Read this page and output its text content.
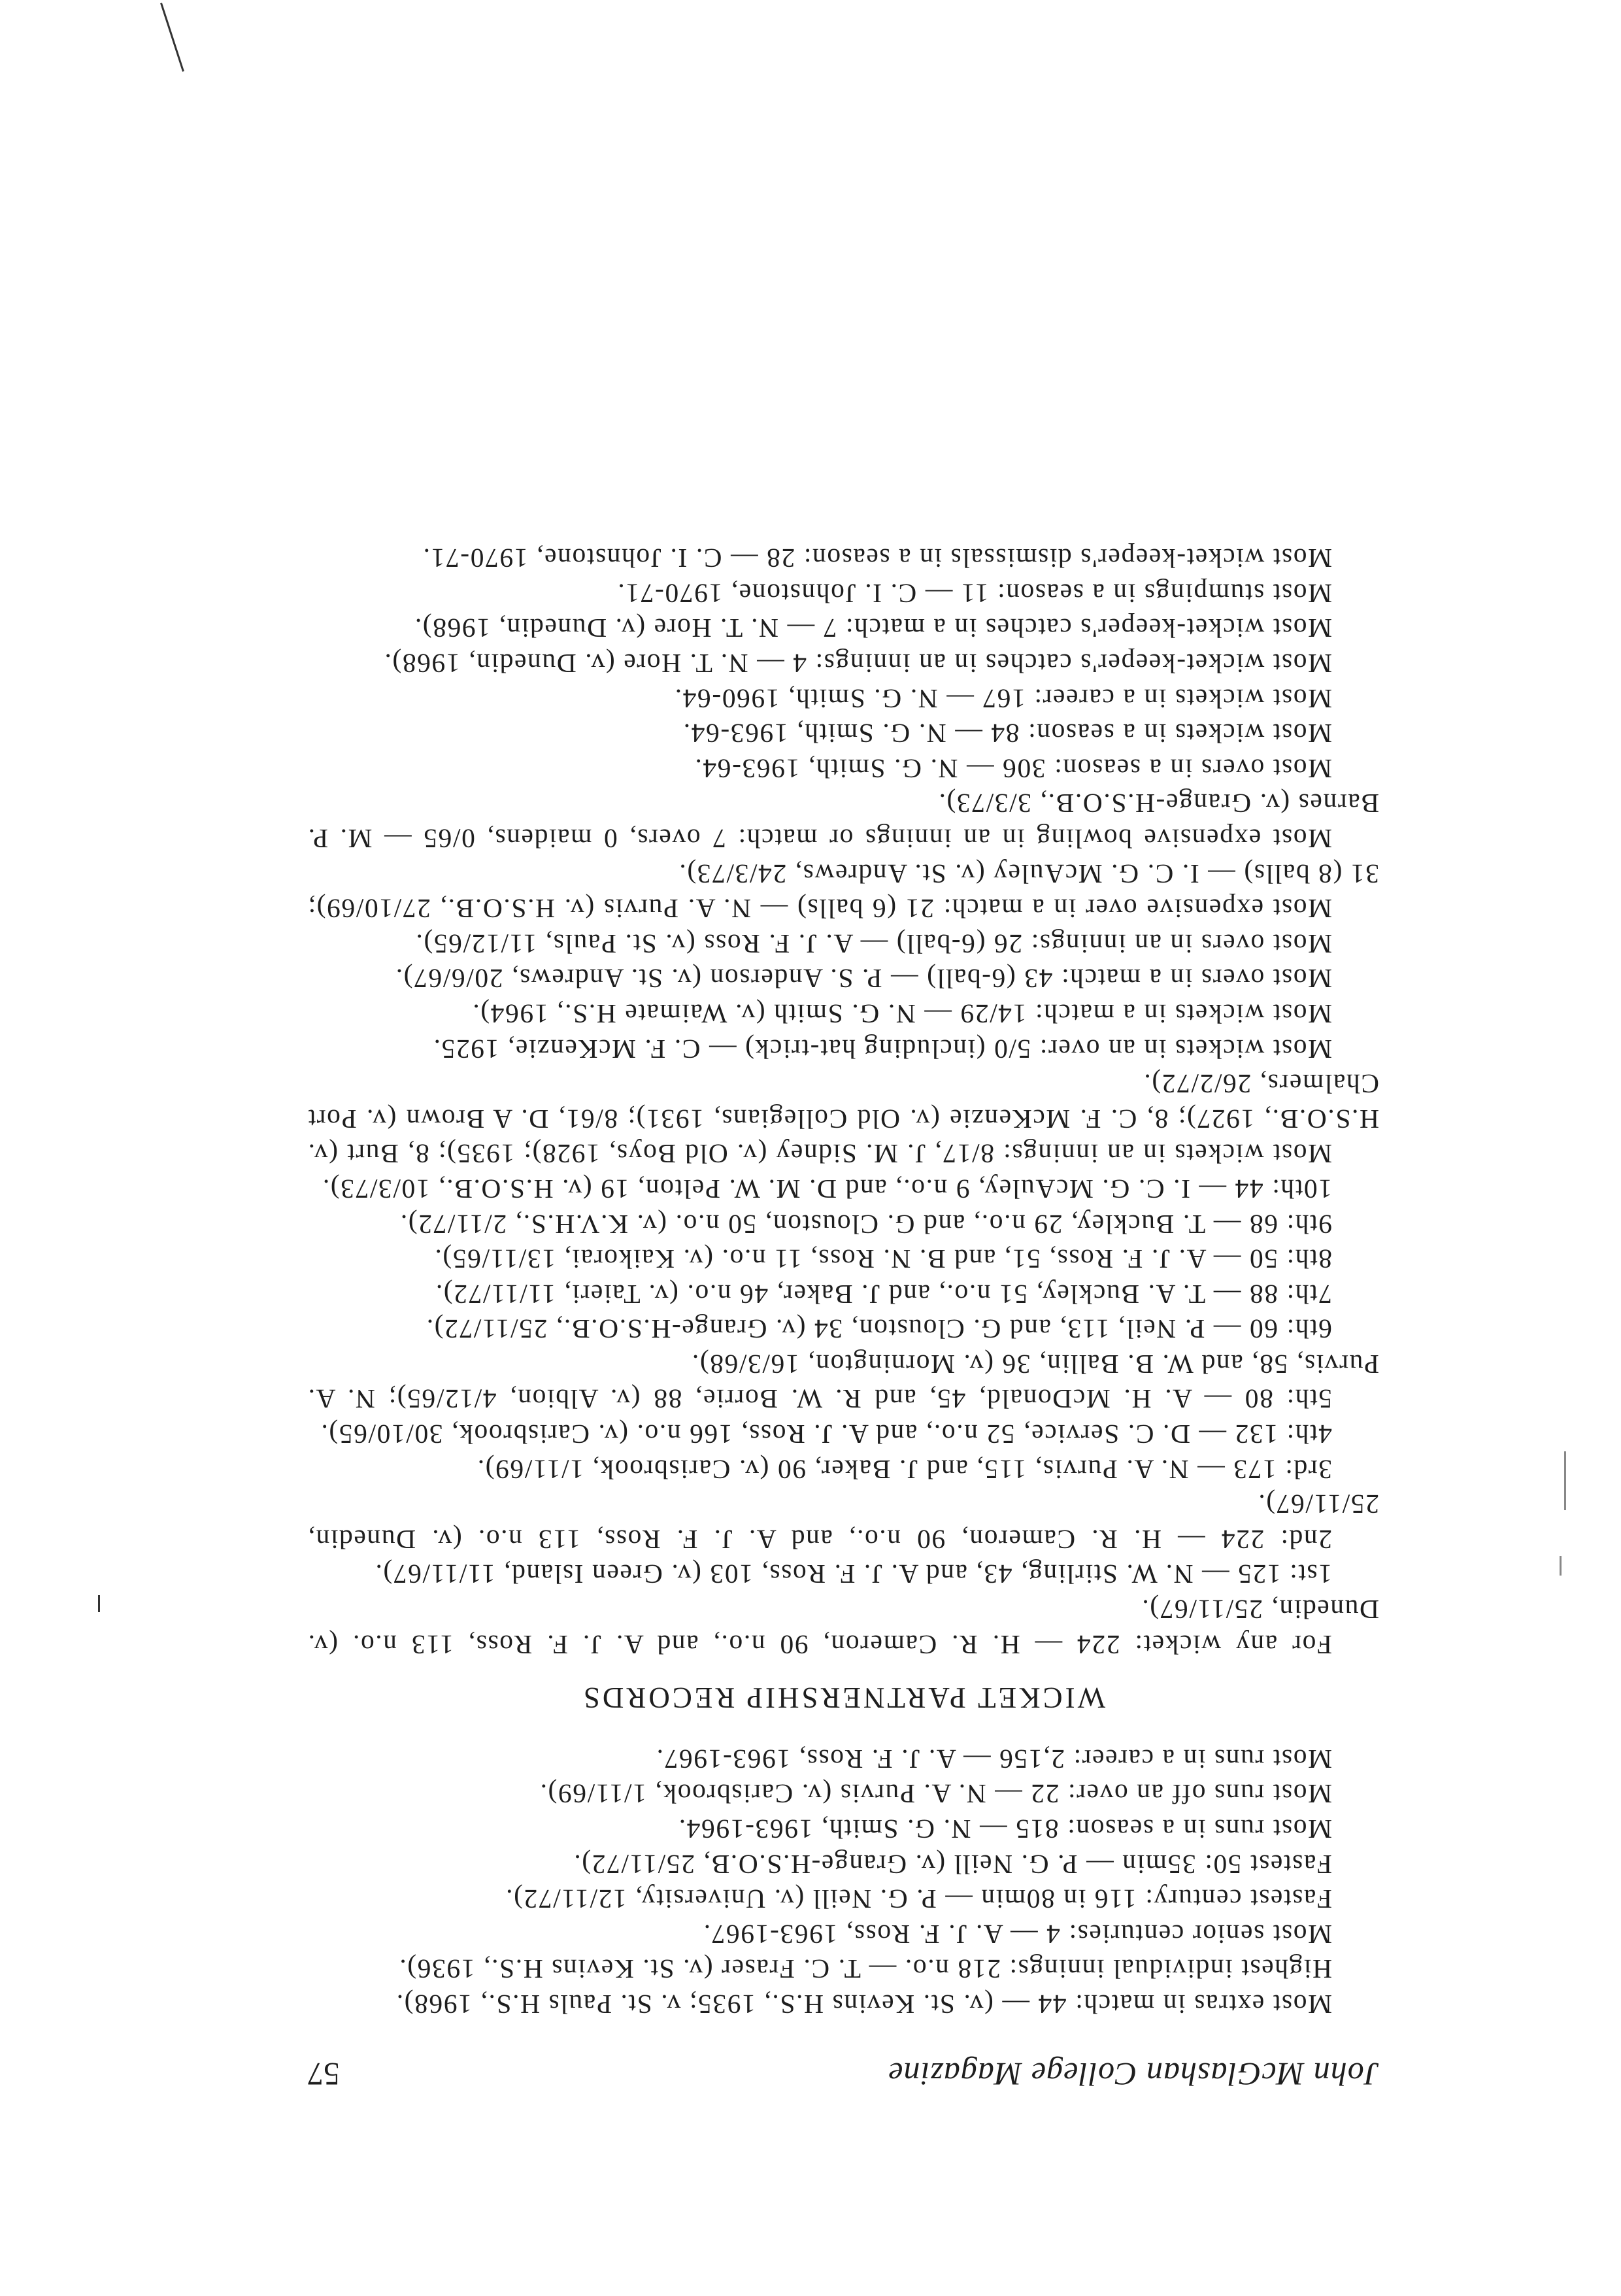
John McGlashan College Magazine
57

Most extras in match: 44 — (v. St. Kevins H.S., 1935; v. St. Pauls H.S., 1968).

Highest individual innings: 218 n.o. — T. C. Fraser (v. St. Kevins H.S., 1936).

Most senior centuries: 4 — A. J. F. Ross, 1963-1967.

Fastest century: 116 in 80min — P. G. Neill (v. University, 12/11/72).

Fastest 50: 35min — P. G. Neill (v. Grange-H.S.O.B, 25/11/72).

Most runs in a season: 815 — N. G. Smith, 1963-1964.

Most runs off an over: 22 — N. A. Purvis (v. Carisbrook, 1/11/69).

Most runs in a career: 2,156 — A. J. F. Ross, 1963-1967.

WICKET PARTNERSHIP RECORDS

For any wicket: 224 — H. R. Cameron, 90 n.o., and A. J. F. Ross, 113 n.o. (v. Dunedin, 25/11/67).

1st: 125 — N. W. Stirling, 43, and A. J. F. Ross, 103 (v. Green Island, 11/11/67).

2nd: 224 — H. R. Cameron, 90 n.o., and A. J. F. Ross, 113 n.o. (v. Dunedin, 25/11/67).

3rd: 173 — N. A. Purvis, 115, and J. Baker, 90 (v. Carisbrook, 1/11/69).

4th: 132 — D. C. Service, 52 n.o., and A. J. Ross, 166 n.o. (v. Carisbrook, 30/10/65).

5th: 80 — A. H. McDonald, 45, and R. W. Borrie, 88 (v. Albion, 4/12/65); N. A. Purvis, 58, and W. B. Ballin, 36 (v. Mornington, 16/3/68).

6th: 60 — P. Neil, 113, and G. Clouston, 34 (v. Grange-H.S.O.B., 25/11/72).

7th: 88 — T. A. Buckley, 51 n.o., and J. Baker, 46 n.o. (v. Taieri, 11/11/72).

8th: 50 — A. J. F. Ross, 51, and B. N. Ross, 11 n.o. (v. Kaikorai, 13/11/65).

9th: 68 — T. Buckley, 29 n.o., and G. Clouston, 50 n.o. (v. K.V.H.S., 2/11/72).

10th: 44 — I. C. G. McAuley, 9 n.o., and D. M. W. Pelton, 19 (v. H.S.O.B., 10/3/73).

Most wickets in an innings: 8/17, J. M. Sidney (v. Old Boys, 1928); 1935); 8, Burt (v. H.S.O.B., 1927); 8, C. F. McKenzie (v. Old Collegians, 1931); 8/61, D. A Brown (v. Port Chalmers, 26/2/72).

Most wickets in an over: 5/0 (including hat-trick) — C. F. McKenzie, 1925.

Most wickets in a match: 14/29 — N. G. Smith (v. Waimate H.S., 1964).

Most overs in a match: 43 (6-ball) — P. S. Anderson (v. St. Andrews, 20/6/67).

Most overs in an innings: 26 (6-ball) — A. J. F. Ross (v. St. Pauls, 11/12/65).

Most expensive over in a match: 21 (6 balls) — N. A. Purvis (v. H.S.O.B., 27/10/69); 31 (8 balls) — I. C. G. McAuley (v. St. Andrews, 24/3/73).

Most expensive bowling in an innings or match: 7 overs, 0 maidens, 0/65 — M. P. Barnes (v. Grange-H.S.O.B., 3/3/73).

Most overs in a season: 306 — N. G. Smith, 1963-64.

Most wickets in a season: 84 — N. G. Smith, 1963-64.

Most wickets in a career: 167 — N. G. Smith, 1960-64.

Most wicket-keeper's catches in an innings: 4 — N. T. Hore (v. Dunedin, 1968).

Most wicket-keeper's catches in a match: 7 — N. T. Hore (v. Dunedin, 1968).

Most stumpings in a season: 11 — C. I. Johnstone, 1970-71.

Most wicket-keeper's dismissals in a season: 28 — C. I. Johnstone, 1970-71.
